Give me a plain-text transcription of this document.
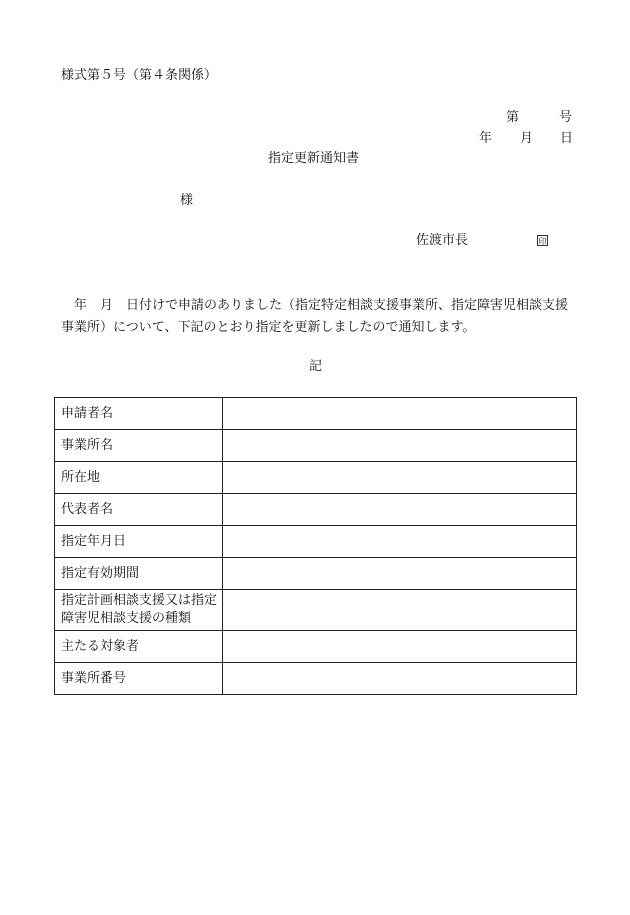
様式第５号（第４条関係）
第	号
年 月 日
指定更新通知書
様
佐渡市長	印
年　月　日付けで申請のありました（指定特定相談支援事業所、指定障害児相談支援事業所）について、下記のとおり指定を更新しましたので通知します。
記
申請者名	
事業所名	
所在地	
代表者名	
指定年月日	
指定有効期間	
指定計画相談支援又は指定障害児相談支援の種類	
主たる対象者	
事業所番号	
